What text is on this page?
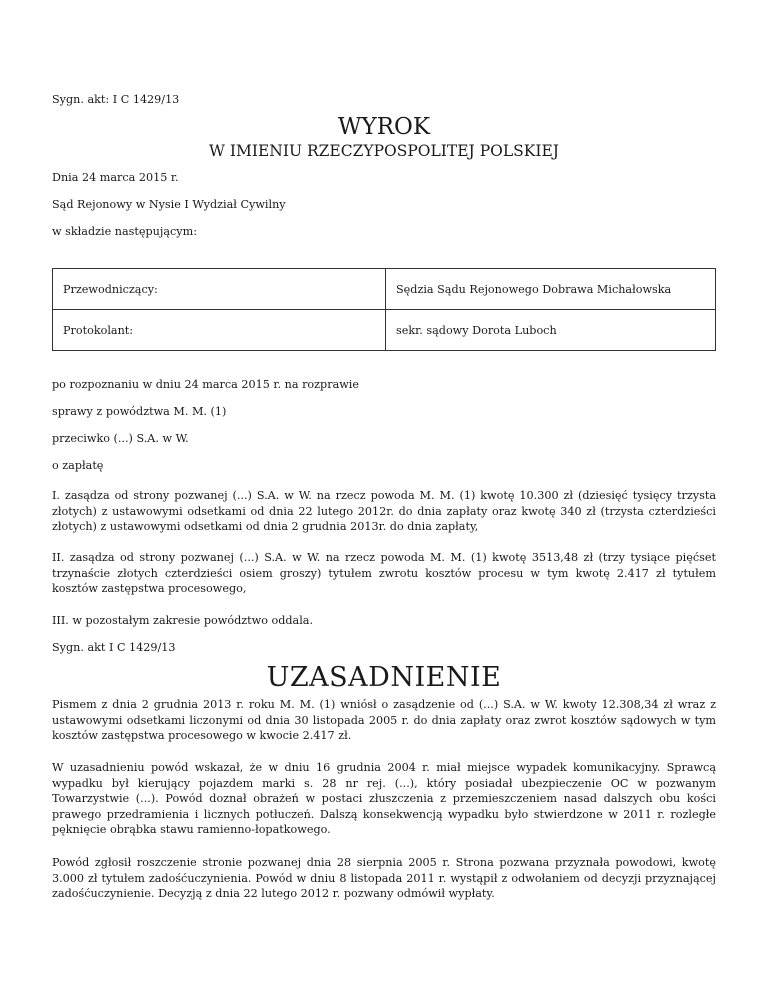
Sygn. akt: I C 1429/13

WYROK
W IMIENIU RZECZYPOSPOLITEJ POLSKIEJ

Dnia 24 marca 2015 r.

Sąd Rejonowy w Nysie I Wydział Cywilny

w składzie następującym:

Przewodniczący:	Sędzia Sądu Rejonowego Dobrawa Michałowska
Protokolant:	sekr. sądowy Dorota Luboch

po rozpoznaniu w dniu 24 marca 2015 r. na rozprawie

sprawy z powództwa M. M. (1)

przeciwko (...) S.A. w W.

o zapłatę

I. zasądza od strony pozwanej (...) S.A. w W. na rzecz powoda M. M. (1) kwotę 10.300 zł (dziesięć tysięcy trzysta złotych) z ustawowymi odsetkami od dnia 22 lutego 2012r. do dnia zapłaty oraz kwotę 340 zł (trzysta czterdzieści złotych) z ustawowymi odsetkami od dnia 2 grudnia 2013r. do dnia zapłaty,

II. zasądza od strony pozwanej (...) S.A. w W. na rzecz powoda M. M. (1) kwotę 3513,48 zł (trzy tysiące pięćset trzynaście złotych czterdzieści osiem groszy) tytułem zwrotu kosztów procesu w tym kwotę 2.417 zł tytułem kosztów zastępstwa procesowego,

III. w pozostałym zakresie powództwo oddala.

Sygn. akt I C 1429/13

UZASADNIENIE

Pismem z dnia 2 grudnia 2013 r. roku M. M. (1) wniósł o zasądzenie od (...) S.A. w W. kwoty 12.308,34 zł wraz z ustawowymi odsetkami liczonymi od dnia 30 listopada 2005 r. do dnia zapłaty oraz zwrot kosztów sądowych w tym kosztów zastępstwa procesowego w kwocie 2.417 zł.

W uzasadnieniu powód wskazał, że w dniu 16 grudnia 2004 r. miał miejsce wypadek komunikacyjny. Sprawcą wypadku był kierujący pojazdem marki s. 28 nr rej. (...), który posiadał ubezpieczenie OC w pozwanym Towarzystwie (...). Powód doznał obrażeń w postaci złuszczenia z przemieszczeniem nasad dalszych obu kości prawego przedramienia i licznych potłuczeń. Dalszą konsekwencją wypadku było stwierdzone w 2011 r. rozległe pęknięcie obrąbka stawu ramienno-łopatkowego.

Powód zgłosił roszczenie stronie pozwanej dnia 28 sierpnia 2005 r. Strona pozwana przyznała powodowi, kwotę 3.000 zł tytułem zadośćuczynienia. Powód w dniu 8 listopada 2011 r. wystąpił z odwołaniem od decyzji przyznającej zadośćuczynienie. Decyzją z dnia 22 lutego 2012 r. pozwany odmówił wypłaty.
